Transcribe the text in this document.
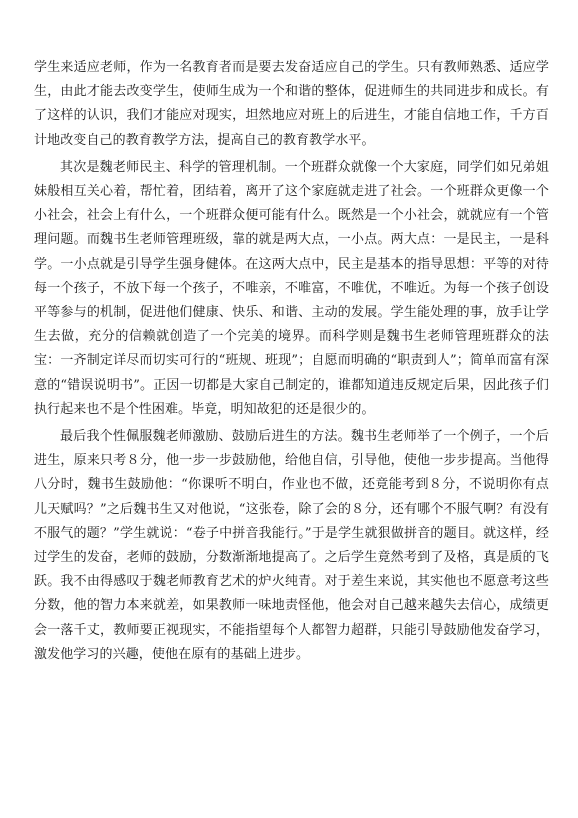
学生来适应老师，作为一名教育者而是要去发奋适应自己的学生。只有教师熟悉、适应学生，由此才能去改变学生，使师生成为一个和谐的整体，促进师生的共同进步和成长。有了这样的认识，我们才能应对现实，坦然地应对班上的后进生，才能自信地工作，千方百计地改变自己的教育教学方法，提高自己的教育教学水平。

其次是魏老师民主、科学的管理机制。一个班群众就像一个大家庭，同学们如兄弟姐妹般相互关心着，帮忙着，团结着，离开了这个家庭就走进了社会。一个班群众更像一个小社会，社会上有什么，一个班群众便可能有什么。既然是一个小社会，就就应有一个管理问题。而魏书生老师管理班级，靠的就是两大点，一小点。两大点：一是民主，一是科学。一小点就是引导学生强身健体。在这两大点中，民主是基本的指导思想：平等的对待每一个孩子，不放下每一个孩子，不唯亲，不唯富，不唯优，不唯近。为每一个孩子创设平等参与的机制，促进他们健康、快乐、和谐、主动的发展。学生能处理的事，放手让学生去做，充分的信赖就创造了一个完美的境界。而科学则是魏书生老师管理班群众的法宝：一齐制定详尽而切实可行的“班规、班现”；自愿而明确的“职责到人”；简单而富有深意的“错误说明书”。正因一切都是大家自己制定的，谁都知道违反规定后果，因此孩子们执行起来也不是个性困难。毕竟，明知故犯的还是很少的。

最后我个性佩服魏老师激励、鼓励后进生的方法。魏书生老师举了一个例子，一个后进生，原来只考８分，他一步一步鼓励他，给他自信，引导他，使他一步步提高。当他得八分时，魏书生鼓励他：“你课听不明白，作业也不做，还竟能考到８分，不说明你有点儿天赋吗？”之后魏书生又对他说，“这张卷，除了会的８分，还有哪个不服气啊？有没有不服气的题？”学生就说：“卷子中拼音我能行。”于是学生就狠做拼音的题目。就这样，经过学生的发奋，老师的鼓励，分数渐渐地提高了。之后学生竟然考到了及格，真是质的飞跃。我不由得感叹于魏老师教育艺术的炉火纯青。对于差生来说，其实他也不愿意考这些分数，他的智力本来就差，如果教师一味地责怪他，他会对自己越来越失去信心，成绩更会一落千丈，教师要正视现实，不能指望每个人都智力超群，只能引导鼓励他发奋学习，激发他学习的兴趣，使他在原有的基础上进步。
